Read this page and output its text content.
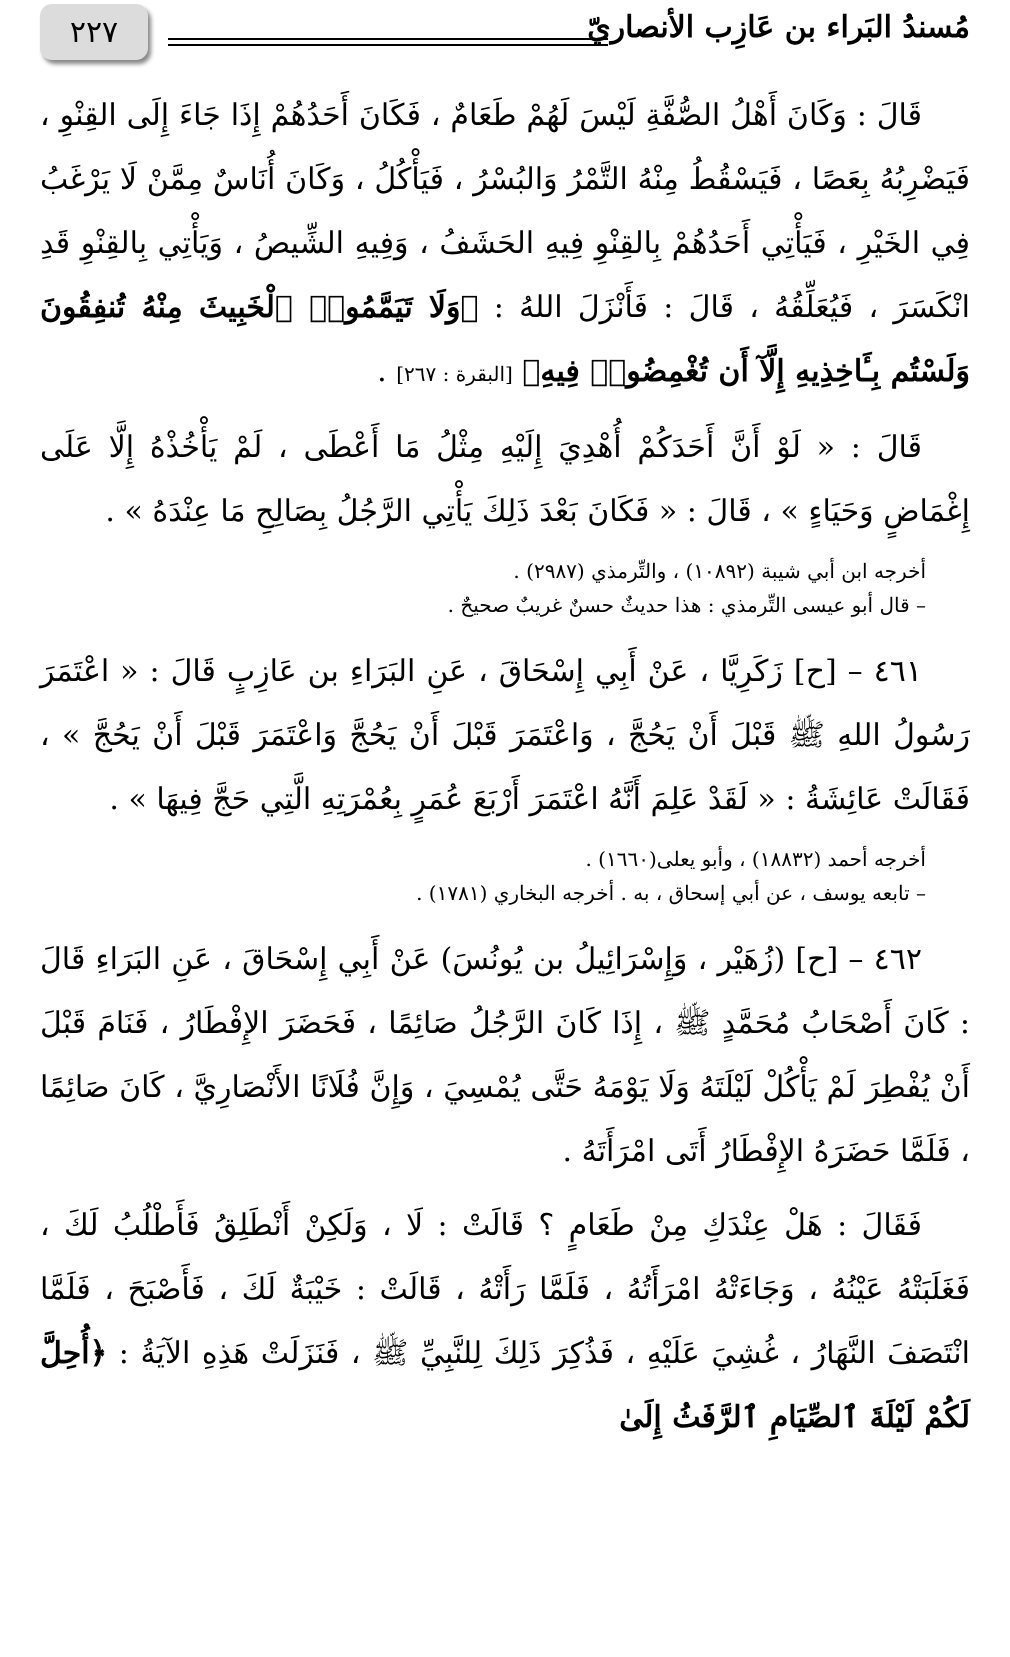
٢٢٧	مُسندُ البَراء بن عَازِب الأنصاريّ

قَالَ : وَكَانَ أَهْلُ الصُّفَّةِ لَيْسَ لَهُمْ طَعَامٌ ، فَكَانَ أَحَدُهُمْ إِذَا جَاءَ إِلَى القِنْوِ ، فَيَضْرِبُهُ بِعَصًا ، فَيَسْقُطُ مِنْهُ التَّمْرُ وَالبُسْرُ ، فَيَأْكُلُ ، وَكَانَ أُنَاسٌ مِمَّنْ لَا يَرْغَبُ فِي الخَيْرِ ، فَيَأْتِي أَحَدُهُمْ بِالقِنْوِ فِيهِ الحَشَفُ ، وَفِيهِ الشِّيصُ ، وَيَأْتِي بِالقِنْوِ قَدِ انْكَسَرَ ، فَيُعَلِّقُهُ ، قَالَ : فَأَنْزَلَ اللهُ : ﴿وَلَا تَيَمَّمُوا۟ ٱلْخَبِيثَ مِنْهُ تُنفِقُونَ وَلَسْتُم بِـَٔاخِذِيهِ إِلَّآ أَن تُغْمِضُوا۟ فِيهِ﴾ [البقرة : ٢٦٧] .

قَالَ : « لَوْ أَنَّ أَحَدَكُمْ أُهْدِيَ إِلَيْهِ مِثْلُ مَا أَعْطَى ، لَمْ يَأْخُذْهُ إِلَّا عَلَى إِغْمَاضٍ وَحَيَاءٍ » ، قَالَ : « فَكَانَ بَعْدَ ذَلِكَ يَأْتِي الرَّجُلُ بِصَالِحِ مَا عِنْدَهُ » .

أخرجه ابن أبي شيبة (١٠٨٩٢) ، والتِّرمذي (٢٩٨٧) .

– قال أبو عيسى التِّرمذي : هذا حديثٌ حسنٌ غريبٌ صحيحٌ .

٤٦١ – [ح] زَكَرِيَّا ، عَنْ أَبِي إِسْحَاقَ ، عَنِ البَرَاءِ بن عَازِبٍ قَالَ : « اعْتَمَرَ رَسُولُ اللهِ ﷺ قَبْلَ أَنْ يَحُجَّ ، وَاعْتَمَرَ قَبْلَ أَنْ يَحُجَّ وَاعْتَمَرَ قَبْلَ أَنْ يَحُجَّ » ، فَقَالَتْ عَائِشَةُ : « لَقَدْ عَلِمَ أَنَّهُ اعْتَمَرَ أَرْبَعَ عُمَرٍ بِعُمْرَتِهِ الَّتِي حَجَّ فِيهَا » .

أخرجه أحمد (١٨٨٣٢) ، وأبو يعلى(١٦٦٠) .

– تابعه يوسف ، عن أبي إسحاق ، به . أخرجه البخاري (١٧٨١) .

٤٦٢ – [ح] (زُهَيْر ، وَإِسْرَائِيلُ بن يُونُسَ) عَنْ أَبِي إِسْحَاقَ ، عَنِ البَرَاءِ قَالَ : كَانَ أَصْحَابُ مُحَمَّدٍ ﷺ ، إِذَا كَانَ الرَّجُلُ صَائِمًا ، فَحَضَرَ الإِفْطَارُ ، فَنَامَ قَبْلَ أَنْ يُفْطِرَ لَمْ يَأْكُلْ لَيْلَتَهُ وَلَا يَوْمَهُ حَتَّى يُمْسِيَ ، وَإِنَّ فُلَانًا الأَنْصَارِيَّ ، كَانَ صَائِمًا ، فَلَمَّا حَضَرَهُ الإِفْطَارُ أَتَى امْرَأَتَهُ .

فَقَالَ : هَلْ عِنْدَكِ مِنْ طَعَامٍ ؟ قَالَتْ : لَا ، وَلَكِنْ أَنْطَلِقُ فَأَطْلُبُ لَكَ ، فَغَلَبَتْهُ عَيْنُهُ ، وَجَاءَتْهُ امْرَأَتُهُ ، فَلَمَّا رَأَتْهُ ، قَالَتْ : خَيْبَةٌ لَكَ ، فَأَصْبَحَ ، فَلَمَّا انْتَصَفَ النَّهَارُ ، غُشِيَ عَلَيْهِ ، فَذُكِرَ ذَلِكَ لِلنَّبِيِّ ﷺ ، فَنَزَلَتْ هَذِهِ الآيَةُ : ﴿أُحِلَّ لَكُمْ لَيْلَةَ ٱلصِّيَامِ ٱلرَّفَثُ إِلَىٰ
